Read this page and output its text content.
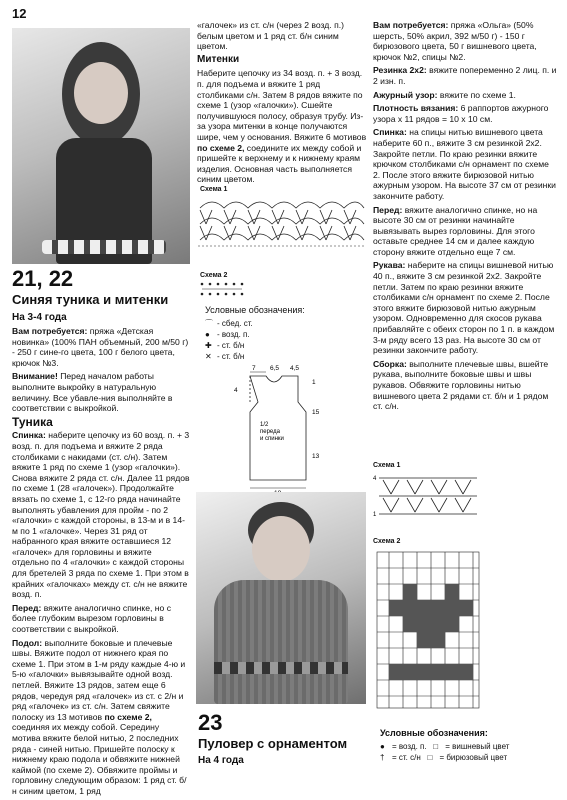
12
21, 22
Синяя туника и митенки
На 3-4 года

Вам потребуется: пряжа «Детская новинка» (100% ПАН объемный, 200 м/50 г) - 250 г сине-го цвета, 100 г белого цвета, крючок №3.

Внимание! Перед началом работы выполните выкройку в натуральную величину. Все убавле-ния выполняйте в соответствии с выкройкой.

Туника

Спинка: наберите цепочку из 60 возд. п. + 3 возд. п. для подъема и вяжите 2 ряда столбиками с накидами (ст. с/н). Затем вяжите 1 ряд по схеме 1 (узор «галочки»). Снова вяжите 2 ряда ст. с/н. Далее 11 рядов по схеме 1 (28 «галочек»). Продолжайте вязать по схеме 1, с 12-го ряда начинайте выполнять убавления для пройм - по 2 «галочки» с каждой стороны, в 13-м и в 14-м по 1 «галочке». Через 31 ряд от набранного края вяжите оставшиеся 12 «галочек» для горловины и вяжите отдельно по 4 «галочки» с каждой стороны для бретелей 3 ряда по схеме 1. При этом в крайних «галочках» между ст. с/н не вяжите возд. п.

Перед: вяжите аналогично спинке, но с более глубоким вырезом горловины в соответствии с выкройкой.

Подол: выполните боковые и плечевые швы. Вяжите подол от нижнего края по схеме 1. При этом в 1-м ряду каждые 4-ю и 5-ю «галочки» вывязывайте одной возд. петлей. Вяжите 13 рядов, затем еще 6 рядов, чередуя ряд «галочек» из ст. с 2/н и ряд «галочек» из ст. с/н. Затем свяжите полоску из 13 мотивов по схеме 2, соединяя их между собой. Середину мотива вяжите белой нитью, 2 последних ряда - синей нитью. Пришейте полоску к нижнему краю подола и обвяжите нижней каймой (по схеме 2). Обвяжите проймы и горловину следующим образом: 1 ряд ст. б/н синим цветом, 1 ряд

«галочек» из ст. с/н (через 2 возд. п.) белым цветом и 1 ряд ст. б/н синим цветом.

Митенки

Наберите цепочку из 34 возд. п. + 3 возд. п. для подъема и вяжите 1 ряд столбиками с/н. Затем 8 рядов вяжите по схеме 1 (узор «галочки»). Сшейте получившуюся полосу, образуя трубу. Из-за узора митенки в конце получаются шире, чем у основания. Вяжите 6 мотивов по схеме 2, соедините их между собой и пришейте к верхнему и к нижнему краям изделия. Основная часть выполняется синим цветом.

Схема 1
Схема 2
Условные обозначения:
⌒ - сбед. ст.
● - возд. п.
✚ - ст. б/н
✕ - ст. б/н
7 6,5 4,5
4
1
15
13
1/2
переда
и спинки
23
Пуловер с орнаментом
На 4 года

Вам потребуется: пряжа «Ольга» (50% шерсть, 50% акрил, 392 м/50 г) - 150 г бирюзового цвета, 50 г вишневого цвета, крючок №2, спицы №2.

Резинка 2x2: вяжите попеременно 2 лиц. п. и 2 изн. п.

Ажурный узор: вяжите по схеме 1.

Плотность вязания: 6 раппортов ажурного узора х 11 рядов = 10 х 10 см.

Спинка: на спицы нитью вишневого цвета наберите 60 п., вяжите 3 см резинкой 2x2. Закройте петли. По краю резинки вяжите крючком столбиками с/н орнамент по схеме 2. После этого вяжите бирюзовой нитью ажурным узором. На высоте 37 см от резинки закончите работу.

Перед: вяжите аналогично спинке, но на высоте 30 см от резинки начинайте вывязывать вырез горловины. Для этого оставьте среднее 14 см и далее каждую сторону вяжите отдельно еще 7 см.

Рукава: наберите на спицы вишневой нитью 40 п., вяжите 3 см резинкой 2x2. Закройте петли. Затем по краю резинки вяжите столбиками с/н орнамент по схеме 2. После этого вяжите бирюзовой нитью ажурным узором. Одновременно для скосов рукава прибавляйте с обеих сторон по 1 п. в каждом 3-м ряду всего 13 раз. На высоте 30 см от резинки закончите работу.

Сборка: выполните плечевые швы, вшейте рукава, выполните боковые швы и швы рукавов. Обвяжите горловины нитью вишневого цвета 2 рядами ст. б/н и 1 рядом ст. с/н.

Схема 1
4
1
Схема 2
Условные обозначения:
● = возд. п. □ = вишневый цвет
† = ст. с/н □ = бирюзовый цвет
